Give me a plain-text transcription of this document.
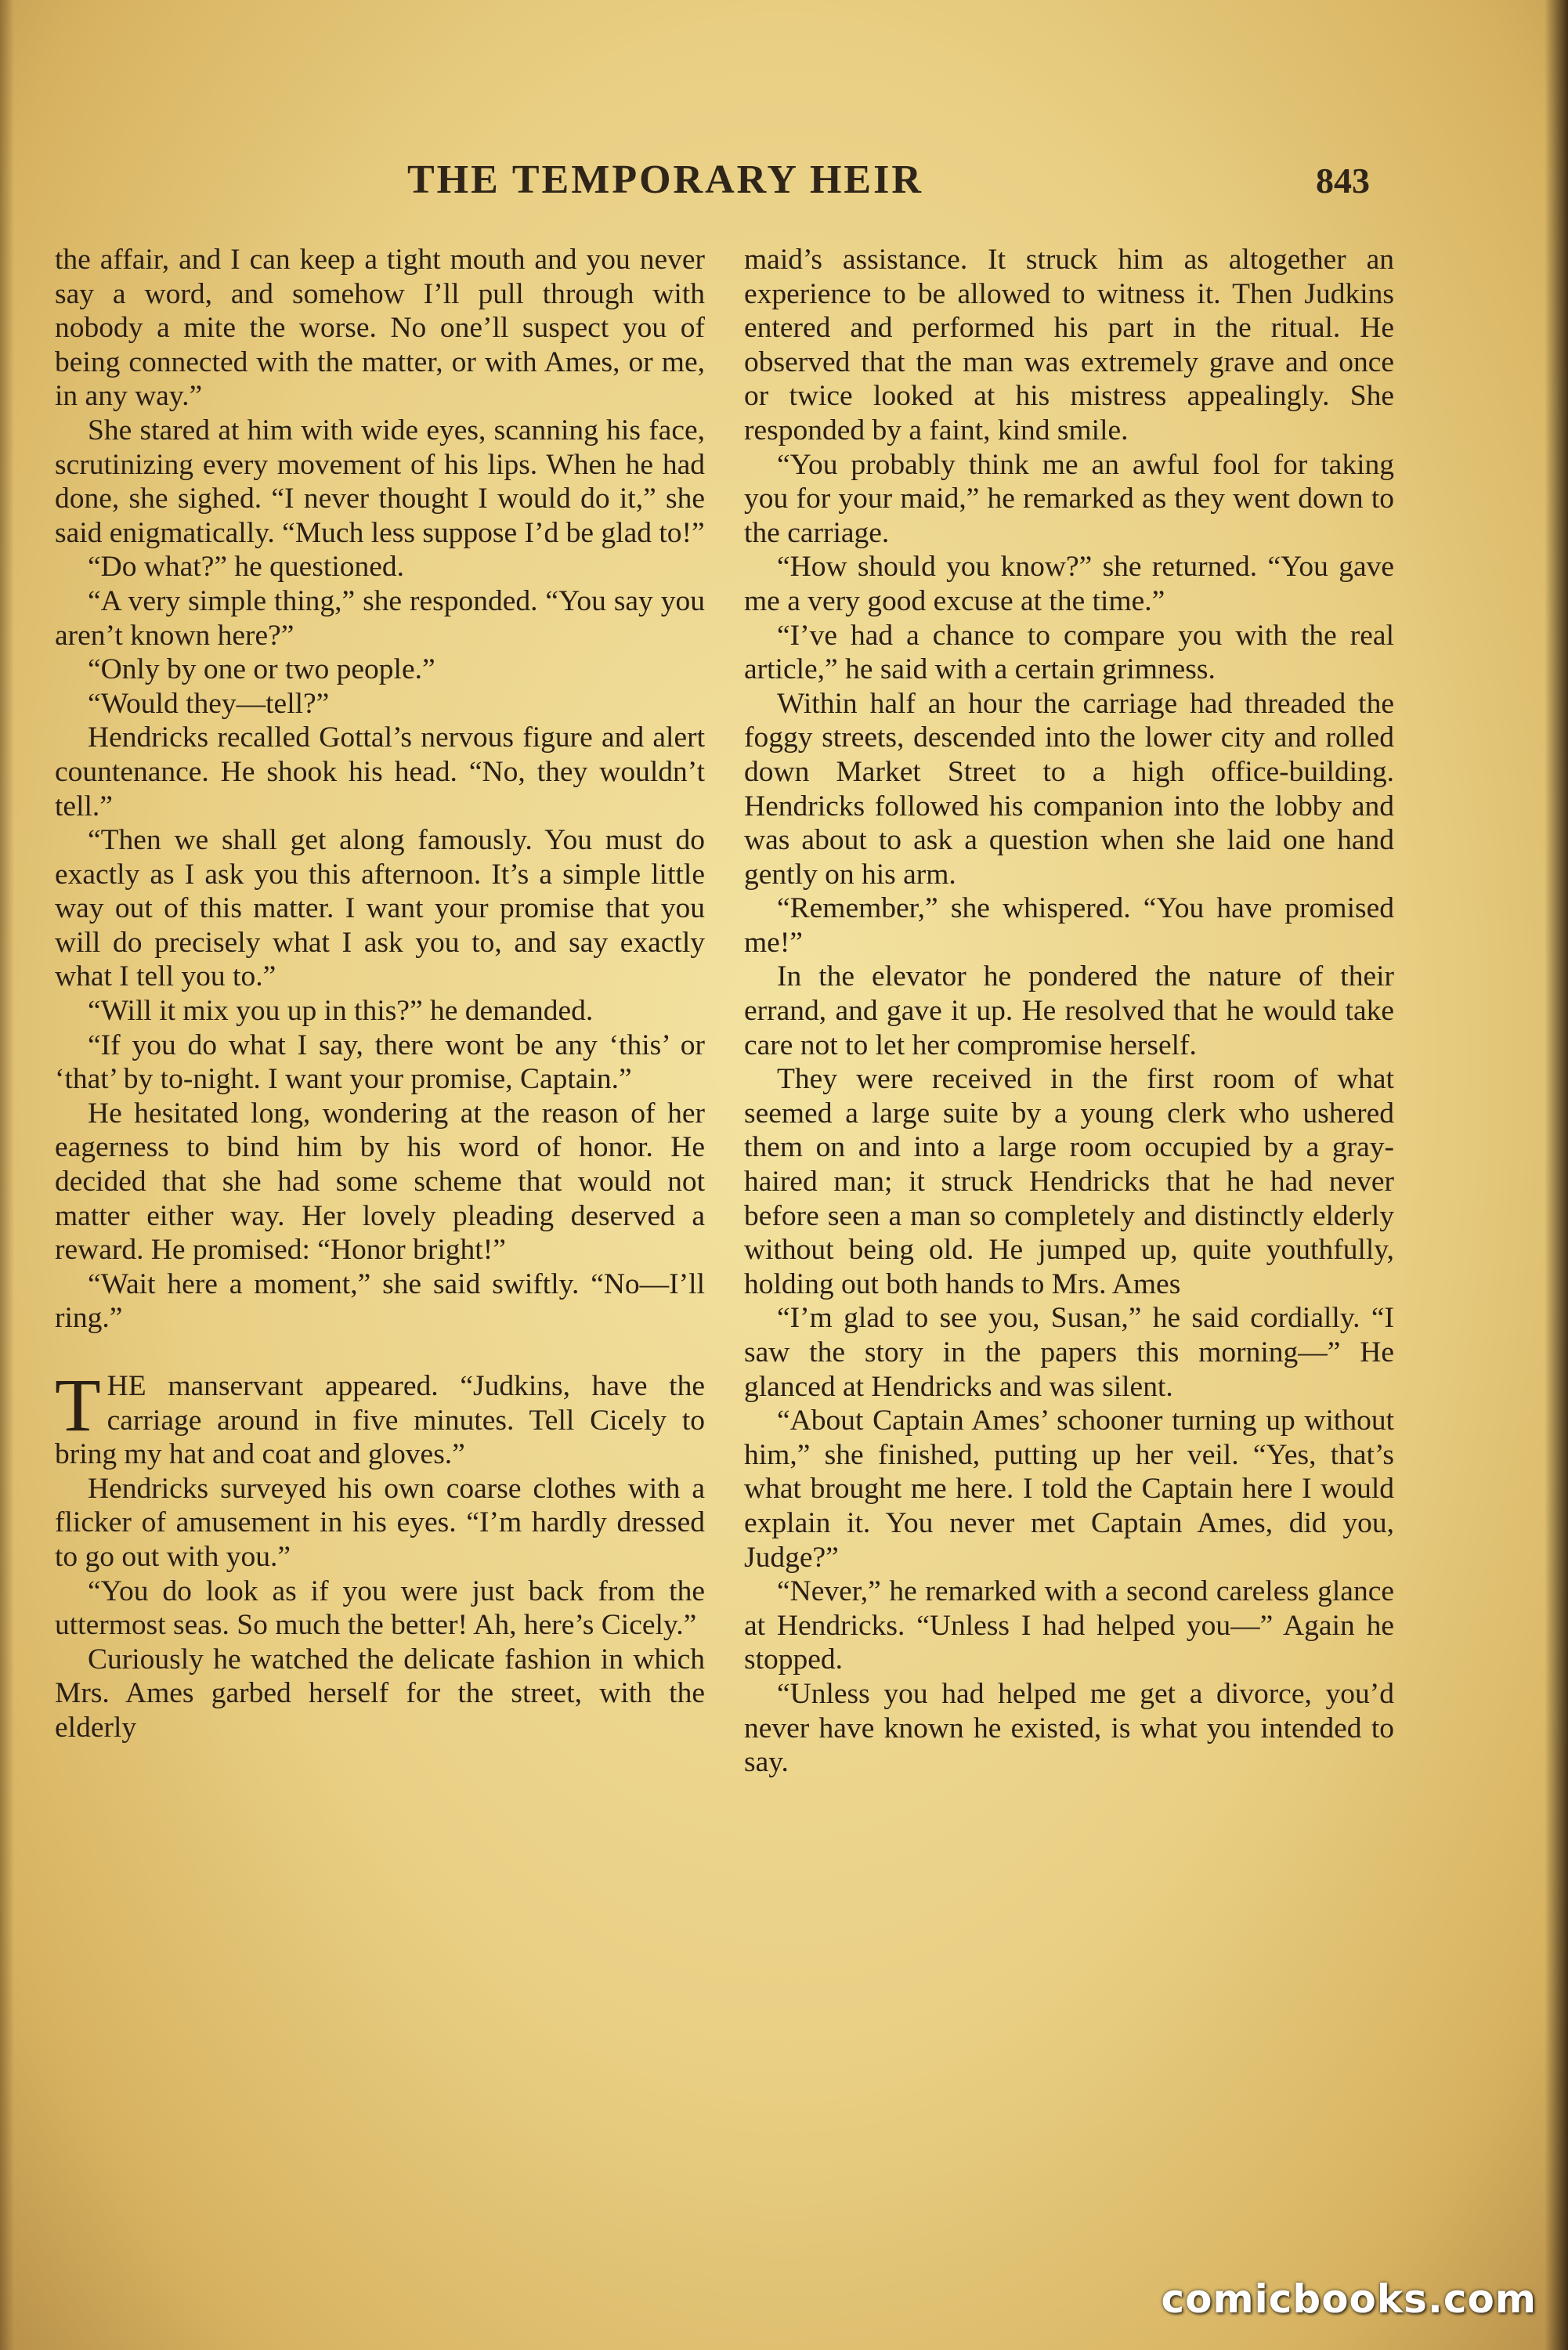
THE TEMPORARY HEIR	843

the affair, and I can keep a tight mouth and you never say a word, and somehow I’ll pull through with nobody a mite the worse. No one’ll suspect you of being connected with the matter, or with Ames, or me, in any way.”

She stared at him with wide eyes, scanning his face, scrutinizing every movement of his lips. When he had done, she sighed. “I never thought I would do it,” she said enigmatically. “Much less suppose I’d be glad to!”

“Do what?” he questioned.

“A very simple thing,” she responded. “You say you aren’t known here?”

“Only by one or two people.”

“Would they—tell?”

Hendricks recalled Gottal’s nervous figure and alert countenance. He shook his head. “No, they wouldn’t tell.”

“Then we shall get along famously. You must do exactly as I ask you this afternoon. It’s a simple little way out of this matter. I want your promise that you will do precisely what I ask you to, and say exactly what I tell you to.”

“Will it mix you up in this?” he demanded.

“If you do what I say, there wont be any ‘this’ or ‘that’ by to-night. I want your promise, Captain.”

He hesitated long, wondering at the reason of her eagerness to bind him by his word of honor. He decided that she had some scheme that would not matter either way. Her lovely pleading deserved a reward. He promised: “Honor bright!”

“Wait here a moment,” she said swiftly. “No—I’ll ring.”

THE manservant appeared. “Judkins, have the carriage around in five minutes. Tell Cicely to bring my hat and coat and gloves.”

Hendricks surveyed his own coarse clothes with a flicker of amusement in his eyes. “I’m hardly dressed to go out with you.”

“You do look as if you were just back from the uttermost seas. So much the better! Ah, here’s Cicely.”

Curiously he watched the delicate fashion in which Mrs. Ames garbed herself for the street, with the elderly

maid’s assistance. It struck him as altogether an experience to be allowed to witness it. Then Judkins entered and performed his part in the ritual. He observed that the man was extremely grave and once or twice looked at his mistress appealingly. She responded by a faint, kind smile.

“You probably think me an awful fool for taking you for your maid,” he remarked as they went down to the carriage.

“How should you know?” she returned. “You gave me a very good excuse at the time.”

“I’ve had a chance to compare you with the real article,” he said with a certain grimness.

Within half an hour the carriage had threaded the foggy streets, descended into the lower city and rolled down Market Street to a high office-building. Hendricks followed his companion into the lobby and was about to ask a question when she laid one hand gently on his arm.

“Remember,” she whispered. “You have promised me!”

In the elevator he pondered the nature of their errand, and gave it up. He resolved that he would take care not to let her compromise herself.

They were received in the first room of what seemed a large suite by a young clerk who ushered them on and into a large room occupied by a gray-haired man; it struck Hendricks that he had never before seen a man so completely and distinctly elderly without being old. He jumped up, quite youthfully, holding out both hands to Mrs. Ames

“I’m glad to see you, Susan,” he said cordially. “I saw the story in the papers this morning—” He glanced at Hendricks and was silent.

“About Captain Ames’ schooner turning up without him,” she finished, putting up her veil. “Yes, that’s what brought me here. I told the Captain here I would explain it. You never met Captain Ames, did you, Judge?”

“Never,” he remarked with a second careless glance at Hendricks. “Unless I had helped you—” Again he stopped.

“Unless you had helped me get a divorce, you’d never have known he existed, is what you intended to say.

comicbooks.com
